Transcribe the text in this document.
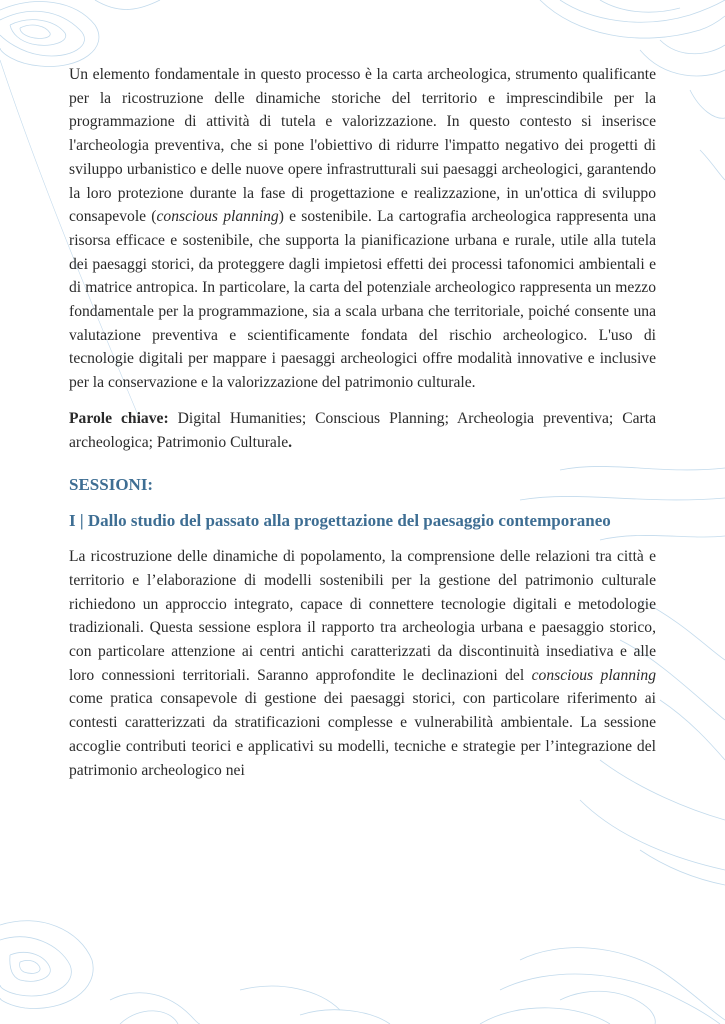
Un elemento fondamentale in questo processo è la carta archeologica, strumento qualificante per la ricostruzione delle dinamiche storiche del territorio e imprescindibile per la programmazione di attività di tutela e valorizzazione. In questo contesto si inserisce l'archeologia preventiva, che si pone l'obiettivo di ridurre l'impatto negativo dei progetti di sviluppo urbanistico e delle nuove opere infrastrutturali sui paesaggi archeologici, garantendo la loro protezione durante la fase di progettazione e realizzazione, in un'ottica di sviluppo consapevole (conscious planning) e sostenibile. La cartografia archeologica rappresenta una risorsa efficace e sostenibile, che supporta la pianificazione urbana e rurale, utile alla tutela dei paesaggi storici, da proteggere dagli impietosi effetti dei processi tafonomici ambientali e di matrice antropica. In particolare, la carta del potenziale archeologico rappresenta un mezzo fondamentale per la programmazione, sia a scala urbana che territoriale, poiché consente una valutazione preventiva e scientificamente fondata del rischio archeologico. L'uso di tecnologie digitali per mappare i paesaggi archeologici offre modalità innovative e inclusive per la conservazione e la valorizzazione del patrimonio culturale.

Parole chiave: Digital Humanities; Conscious Planning; Archeologia preventiva; Carta archeologica; Patrimonio Culturale.

SESSIONI:
I | Dallo studio del passato alla progettazione del paesaggio contemporaneo

La ricostruzione delle dinamiche di popolamento, la comprensione delle relazioni tra città e territorio e l’elaborazione di modelli sostenibili per la gestione del patrimonio culturale richiedono un approccio integrato, capace di connettere tecnologie digitali e metodologie tradizionali. Questa sessione esplora il rapporto tra archeologia urbana e paesaggio storico, con particolare attenzione ai centri antichi caratterizzati da discontinuità insediativa e alle loro connessioni territoriali. Saranno approfondite le declinazioni del conscious planning come pratica consapevole di gestione dei paesaggi storici, con particolare riferimento ai contesti caratterizzati da stratificazioni complesse e vulnerabilità ambientale. La sessione accoglie contributi teorici e applicativi su modelli, tecniche e strategie per l’integrazione del patrimonio archeologico nei
